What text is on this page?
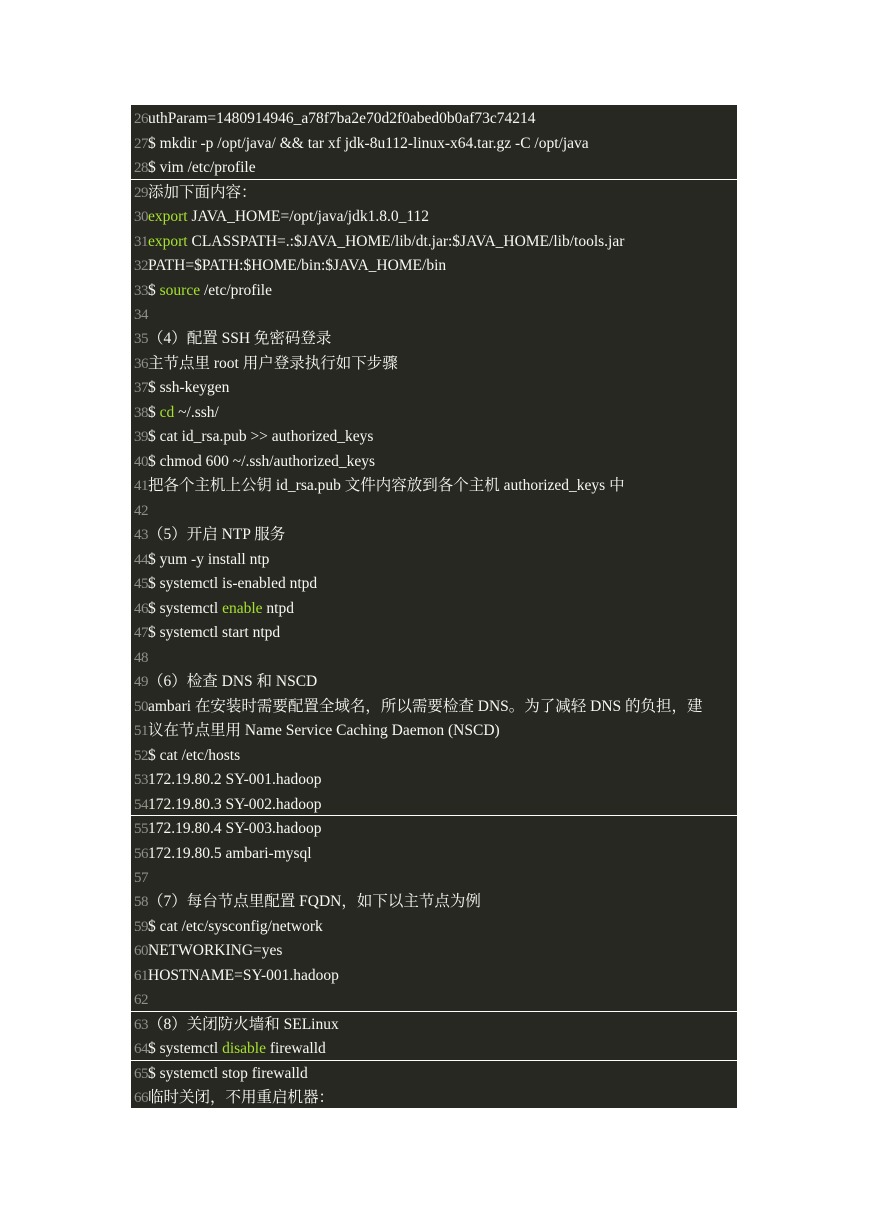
26 uthParam=1480914946_a78f7ba2e70d2f0abed0b0af73c74214
27 $ mkdir -p /opt/java/ && tar xf jdk-8u112-linux-x64.tar.gz -C /opt/java
28 $ vim /etc/profile
29 添加下面内容：
30 export JAVA_HOME=/opt/java/jdk1.8.0_112
31 export CLASSPATH=.:$JAVA_HOME/lib/dt.jar:$JAVA_HOME/lib/tools.jar
32 PATH=$PATH:$HOME/bin:$JAVA_HOME/bin
33 $ source /etc/profile
34
35 （4）配置 SSH 免密码登录
36 主节点里 root 用户登录执行如下步骤
37 $ ssh-keygen
38 $ cd ~/.ssh/
39 $ cat id_rsa.pub >> authorized_keys
40 $ chmod 600 ~/.ssh/authorized_keys
41 把各个主机上公钥 id_rsa.pub 文件内容放到各个主机 authorized_keys 中
42
43 （5）开启 NTP 服务
44 $ yum -y install ntp
45 $ systemctl is-enabled ntpd
46 $ systemctl enable ntpd
47 $ systemctl start ntpd
48
49 （6）检查 DNS 和 NSCD
50 ambari 在安装时需要配置全域名，所以需要检查 DNS。为了减轻 DNS 的负担，建
51 议在节点里用 Name Service Caching Daemon (NSCD)
52 $ cat /etc/hosts
53 172.19.80.2 SY-001.hadoop
54 172.19.80.3 SY-002.hadoop
55 172.19.80.4 SY-003.hadoop
56 172.19.80.5 ambari-mysql
57
58 （7）每台节点里配置 FQDN，如下以主节点为例
59 $ cat /etc/sysconfig/network
60 NETWORKING=yes
61 HOSTNAME=SY-001.hadoop
62
63 （8）关闭防火墙和 SELinux
64 $ systemctl disable firewalld
65 $ systemctl stop firewalld
66 临时关闭，不用重启机器：
